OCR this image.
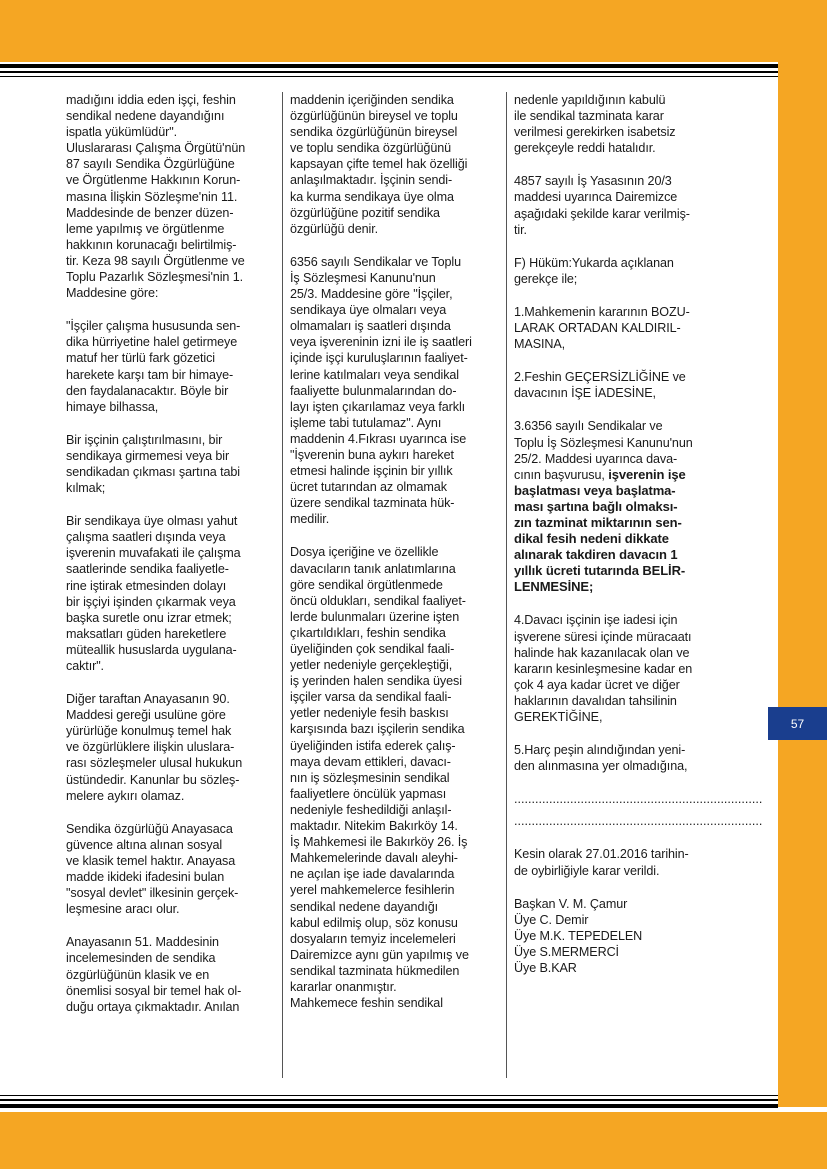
madığını iddia eden işçi, feshin
sendikal nedene dayandığını
ispatla yükümlüdür".
Uluslararası Çalışma Örgütü'nün
87 sayılı Sendika Özgürlüğüne
ve Örgütlenme Hakkının Korun-
masına İlişkin Sözleşme'nin 11.
Maddesinde de benzer düzen-
leme yapılmış ve örgütlenme
hakkının korunacağı belirtilmiş-
tir. Keza 98 sayılı Örgütlenme ve
Toplu Pazarlık Sözleşmesi'nin 1.
Maddesine göre:

"İşçiler çalışma hususunda sen-
dika hürriyetine halel getirmeye
matuf her türlü fark gözetici
harekete karşı tam bir himaye-
den faydalanacaktır. Böyle bir
himaye bilhassa,

Bir işçinin çalıştırılmasını, bir
sendikaya girmemesi veya bir
sendikadan çıkması şartına tabi
kılmak;

Bir sendikaya üye olması yahut
çalışma saatleri dışında veya
işverenin muvafakati ile çalışma
saatlerinde sendika faaliyetle-
rine iştirak etmesinden dolayı
bir işçiyi işinden çıkarmak veya
başka suretle onu izrar etmek;
maksatları güden hareketlere
müteallik hususlarda uygulana-
caktır".

Diğer taraftan Anayasanın 90.
Maddesi gereği usulüne göre
yürürlüğe konulmuş temel hak
ve özgürlüklere ilişkin uluslara-
rası sözleşmeler ulusal hukukun
üstündedir. Kanunlar bu sözleş-
melere aykırı olamaz.

Sendika özgürlüğü Anayasaca
güvence altına alınan sosyal
ve klasik temel haktır. Anayasa
madde ikideki ifadesini bulan
"sosyal devlet" ilkesinin gerçek-
leşmesine aracı olur.

Anayasanın 51. Maddesinin
incelemesinden de sendika
özgürlüğünün klasik ve en
önemlisi sosyal bir temel hak ol-
duğu ortaya çıkmaktadır. Anılan

maddenin içeriğinden sendika
özgürlüğünün bireysel ve toplu
sendika özgürlüğünün bireysel
ve toplu sendika özgürlüğünü
kapsayan çifte temel hak özelliği
anlaşılmaktadır. İşçinin sendi-
ka kurma sendikaya üye olma
özgürlüğüne pozitif sendika
özgürlüğü denir.

6356 sayılı Sendikalar ve Toplu
İş Sözleşmesi Kanunu'nun
25/3. Maddesine göre "İşçiler,
sendikaya üye olmaları veya
olmamaları iş saatleri dışında
veya işvereninin izni ile iş saatleri
içinde işçi kuruluşlarının faaliyet-
lerine katılmaları veya sendikal
faaliyette bulunmalarından do-
layı işten çıkarılamaz veya farklı
işleme tabi tutulamaz". Aynı
maddenin 4.Fıkrası uyarınca ise
"İşverenin buna aykırı hareket
etmesi halinde işçinin bir yıllık
ücret tutarından az olmamak
üzere sendikal tazminata hük-
medilir.

Dosya içeriğine ve özellikle
davacıların tanık anlatımlarına
göre sendikal örgütlenmede
öncü oldukları, sendikal faaliyet-
lerde bulunmaları üzerine işten
çıkartıldıkları, feshin sendika
üyeliğinden çok sendikal faali-
yetler nedeniyle gerçekleştiği,
iş yerinden halen sendika üyesi
işçiler varsa da sendikal faali-
yetler nedeniyle fesih baskısı
karşısında bazı işçilerin sendika
üyeliğinden istifa ederek çalış-
maya devam ettikleri, davacı-
nın iş sözleşmesinin sendikal
faaliyetlere öncülük yapması
nedeniyle feshedildiği anlaşıl-
maktadır. Nitekim Bakırköy 14.
İş Mahkemesi ile Bakırköy 26. İş
Mahkemelerinde davalı aleyhi-
ne açılan işe iade davalarında
yerel mahkemelerce fesihlerin
sendikal nedene dayandığı
kabul edilmiş olup, söz konusu
dosyaların temyiz incelemeleri
Dairemizce aynı gün yapılmış ve
sendikal tazminata hükmedilen
kararlar onanmıştır.
Mahkemece feshin sendikal

nedenle yapıldığının kabulü
ile sendikal tazminata karar
verilmesi gerekirken isabetsiz
gerekçeyle reddi hatalıdır.

4857 sayılı İş Yasasının 20/3
maddesi uyarınca Dairemizce
aşağıdaki şekilde karar verilmiş-
tir.

F) Hüküm:Yukarda açıklanan
gerekçe ile;

1.Mahkemenin kararının BOZU-
LARAK ORTADAN KALDIRIL-
MASINA,

2.Feshin GEÇERSİZLİĞİNE ve
davacının İŞE İADESİNE,

3.6356 sayılı Sendikalar ve
Toplu İş Sözleşmesi Kanunu'nun
25/2. Maddesi uyarınca dava-
cının başvurusu, işverenin işe
başlatması veya başlatma-
ması şartına bağlı olmaksı-
zın tazminat miktarının sen-
dikal fesih nedeni dikkate
alınarak takdiren davacın 1
yıllık ücreti tutarında BELİR-
LENMESİNE;

4.Davacı işçinin işe iadesi için
işverene süresi içinde müracaatı
halinde hak kazanılacak olan ve
kararın kesinleşmesine kadar en
çok 4 aya kadar ücret ve diğer
haklarının davalıdan tahsilinin
GEREKTİĞİNE,

5.Harç peşin alındığından yeni-
den alınmasına yer olmadığına,

.......................................................................

.......................................................................

Kesin olarak 27.01.2016 tarihin-
de oybirliğiyle karar verildi.

Başkan V. M. Çamur

Üye C. Demir

Üye M.K. TEPEDELEN

Üye S.MERMERCİ

Üye B.KAR

57
